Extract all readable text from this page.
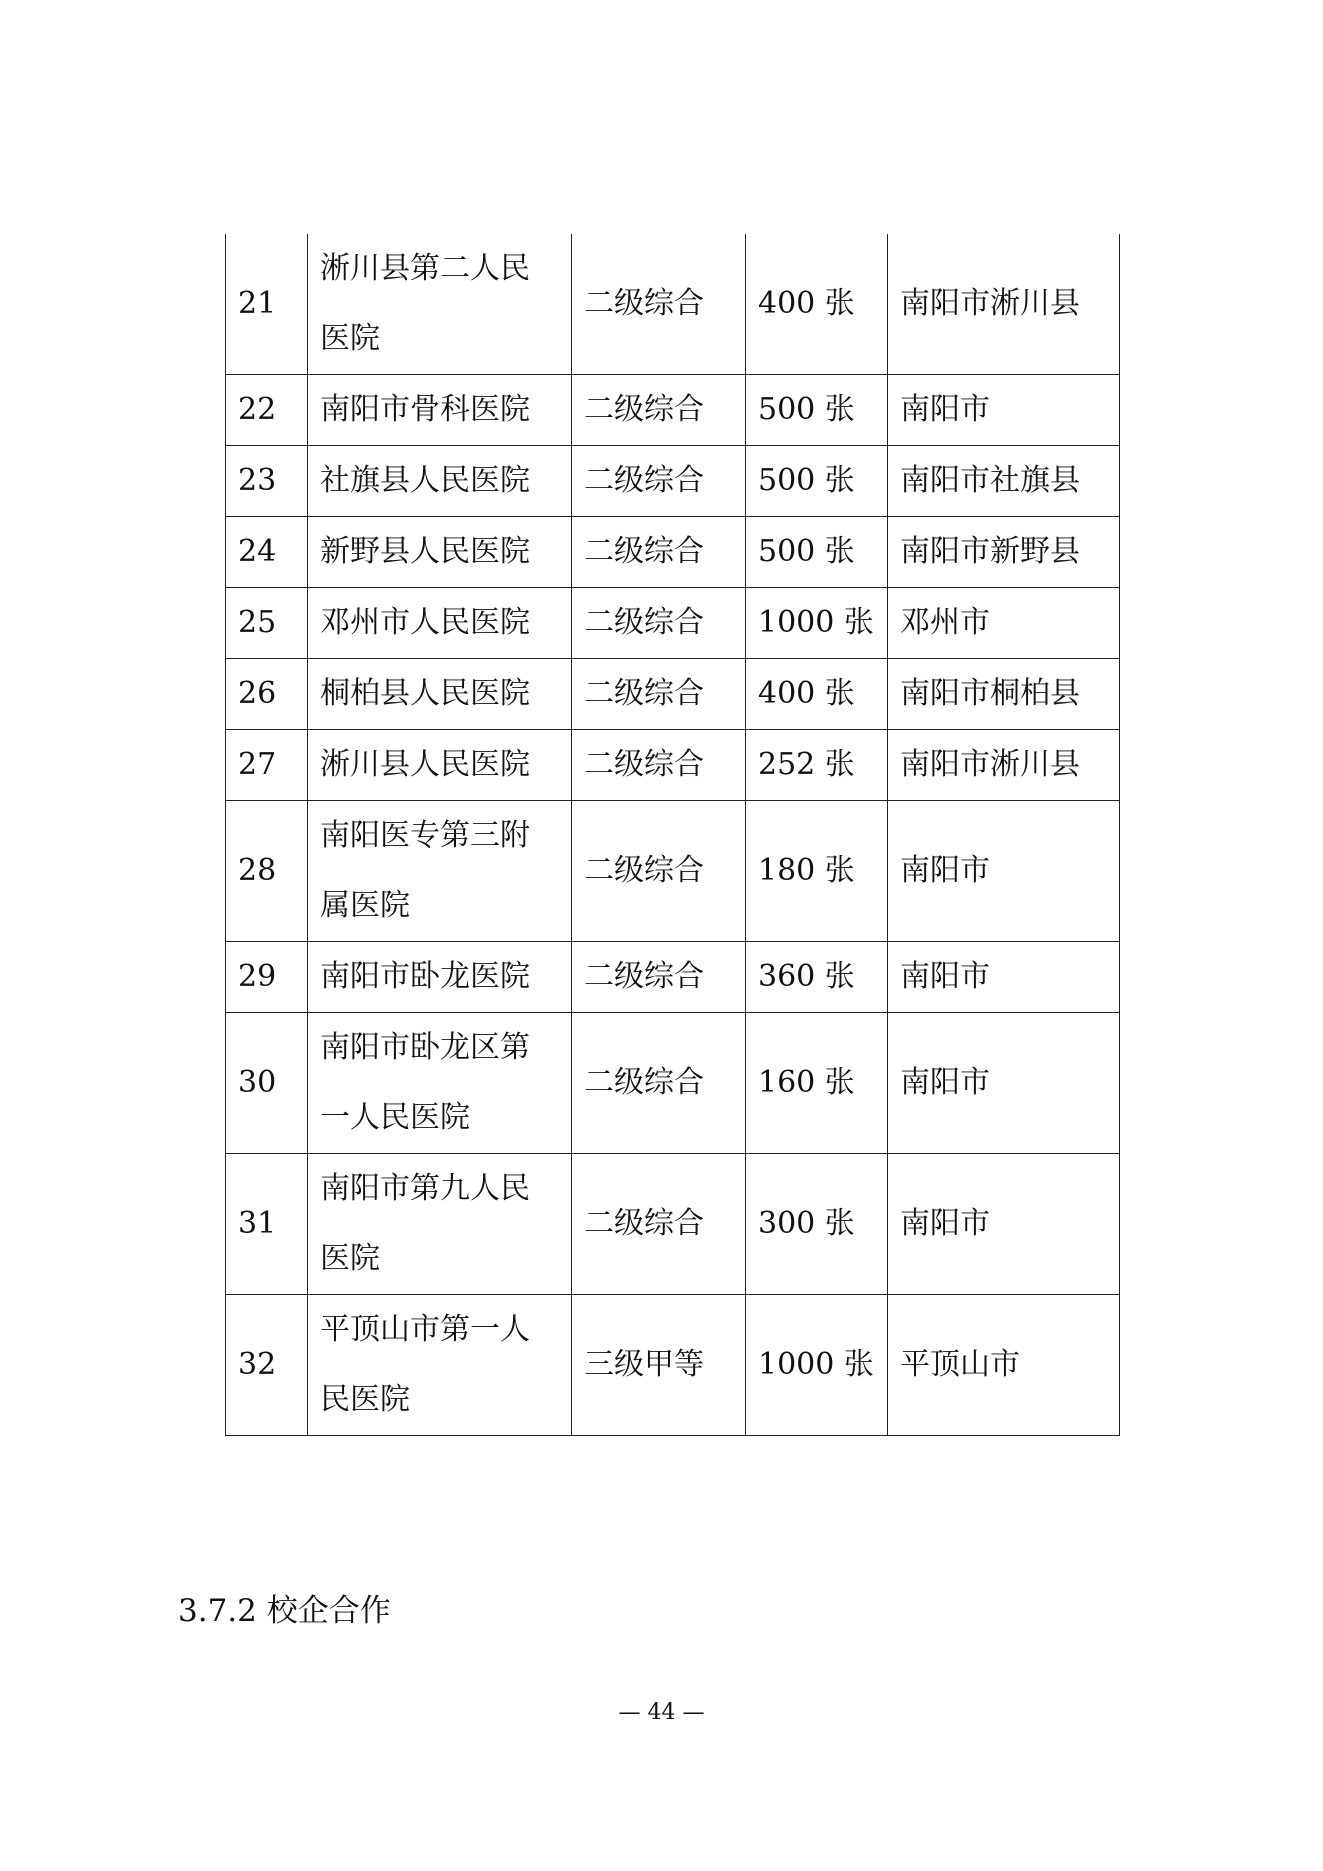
21	淅川县第二人民医院	二级综合	400 张	南阳市淅川县
22	南阳市骨科医院	二级综合	500 张	南阳市
23	社旗县人民医院	二级综合	500 张	南阳市社旗县
24	新野县人民医院	二级综合	500 张	南阳市新野县
25	邓州市人民医院	二级综合	1000 张	邓州市
26	桐柏县人民医院	二级综合	400 张	南阳市桐柏县
27	淅川县人民医院	二级综合	252 张	南阳市淅川县
28	南阳医专第三附属医院	二级综合	180 张	南阳市
29	南阳市卧龙医院	二级综合	360 张	南阳市
30	南阳市卧龙区第一人民医院	二级综合	160 张	南阳市
31	南阳市第九人民医院	二级综合	300 张	南阳市
32	平顶山市第一人民医院	三级甲等	1000 张	平顶山市
3.7.2 校企合作

— 44 —
